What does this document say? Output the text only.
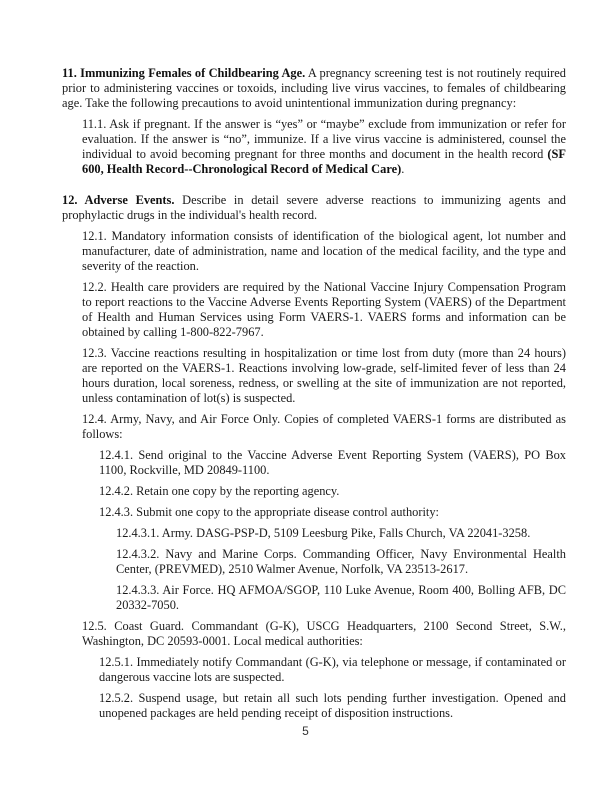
11. Immunizing Females of Childbearing Age. A pregnancy screening test is not routinely required prior to administering vaccines or toxoids, including live virus vaccines, to females of childbearing age. Take the following precautions to avoid unintentional immunization during pregnancy:

11.1. Ask if pregnant. If the answer is “yes” or “maybe” exclude from immunization or refer for evaluation. If the answer is “no”, immunize. If a live virus vaccine is administered, counsel the individual to avoid becoming pregnant for three months and document in the health record (SF 600, Health Record--Chronological Record of Medical Care).

12. Adverse Events. Describe in detail severe adverse reactions to immunizing agents and prophylactic drugs in the individual's health record.

12.1. Mandatory information consists of identification of the biological agent, lot number and manufacturer, date of administration, name and location of the medical facility, and the type and severity of the reaction.

12.2. Health care providers are required by the National Vaccine Injury Compensation Program to report reactions to the Vaccine Adverse Events Reporting System (VAERS) of the Department of Health and Human Services using Form VAERS-1. VAERS forms and information can be obtained by calling 1-800-822-7967.

12.3. Vaccine reactions resulting in hospitalization or time lost from duty (more than 24 hours) are reported on the VAERS-1. Reactions involving low-grade, self-limited fever of less than 24 hours duration, local soreness, redness, or swelling at the site of immunization are not reported, unless contamination of lot(s) is suspected.

12.4. Army, Navy, and Air Force Only. Copies of completed VAERS-1 forms are distributed as follows:

12.4.1. Send original to the Vaccine Adverse Event Reporting System (VAERS), PO Box 1100, Rockville, MD 20849-1100.

12.4.2. Retain one copy by the reporting agency.

12.4.3. Submit one copy to the appropriate disease control authority:

12.4.3.1. Army. DASG-PSP-D, 5109 Leesburg Pike, Falls Church, VA 22041-3258.

12.4.3.2. Navy and Marine Corps. Commanding Officer, Navy Environmental Health Center, (PREVMED), 2510 Walmer Avenue, Norfolk, VA 23513-2617.

12.4.3.3. Air Force. HQ AFMOA/SGOP, 110 Luke Avenue, Room 400, Bolling AFB, DC 20332-7050.

12.5. Coast Guard. Commandant (G-K), USCG Headquarters, 2100 Second Street, S.W., Washington, DC 20593-0001. Local medical authorities:

12.5.1. Immediately notify Commandant (G-K), via telephone or message, if contaminated or dangerous vaccine lots are suspected.

12.5.2. Suspend usage, but retain all such lots pending further investigation. Opened and unopened packages are held pending receipt of disposition instructions.

5
